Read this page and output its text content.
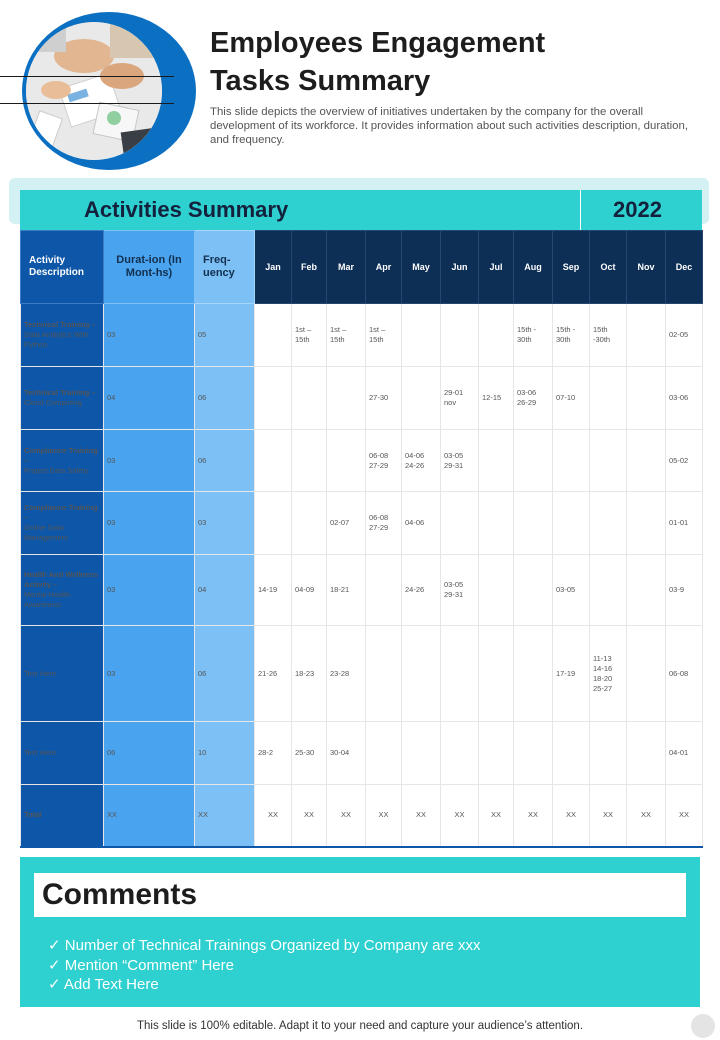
Employees Engagement
Tasks Summary
This slide depicts the overview of initiatives undertaken by the company for the overall development of its workforce. It provides information about such activities description, duration, and frequency.
Activities Summary	2022
Activity Description	Durat-ion (In Mont-hs)	Freq-uency	Jan	Feb	Mar	Apr	May	Jun	Jul	Aug	Sep	Oct	Nov	Dec
Technical Training –
Data Analytics With Python	03	05		1st – 15th	1st – 15th	1st – 15th				15th - 30th	15th - 30th	15th -30th		02-05
Technical Training –
Cloud Computing	04	06				27-30		29-01 nov	12-15	03-06 26-29	07-10			03-06
Compliance Training –
Project Data Safety	03	06				06-08 27-29	04-06 24-26	03-05 29-31						05-02
Compliance Training –
Online Data Management	03	03			02-07	06-08 27-29	04-06							01-01
Health And Wellness Activity –
Mental Health Awareness	03	04	14-19	04-09	18-21		24-26	03-05 29-31			03-05			03-9
Text Here	03	06	21-26	18-23	23-28						17-19	11-13 14-16 18-20 25-27		06-08
Text Here	06	10	28-2	25-30	30-04									04-01
Total	XX	XX	XX	XX	XX	XX	XX	XX	XX	XX	XX	XX	XX	XX
Comments
✓ Number of Technical Trainings Organized by Company are xxx
✓ Mention “Comment” Here
✓ Add Text Here
This slide is 100% editable. Adapt it to your need and capture your audience’s attention.
